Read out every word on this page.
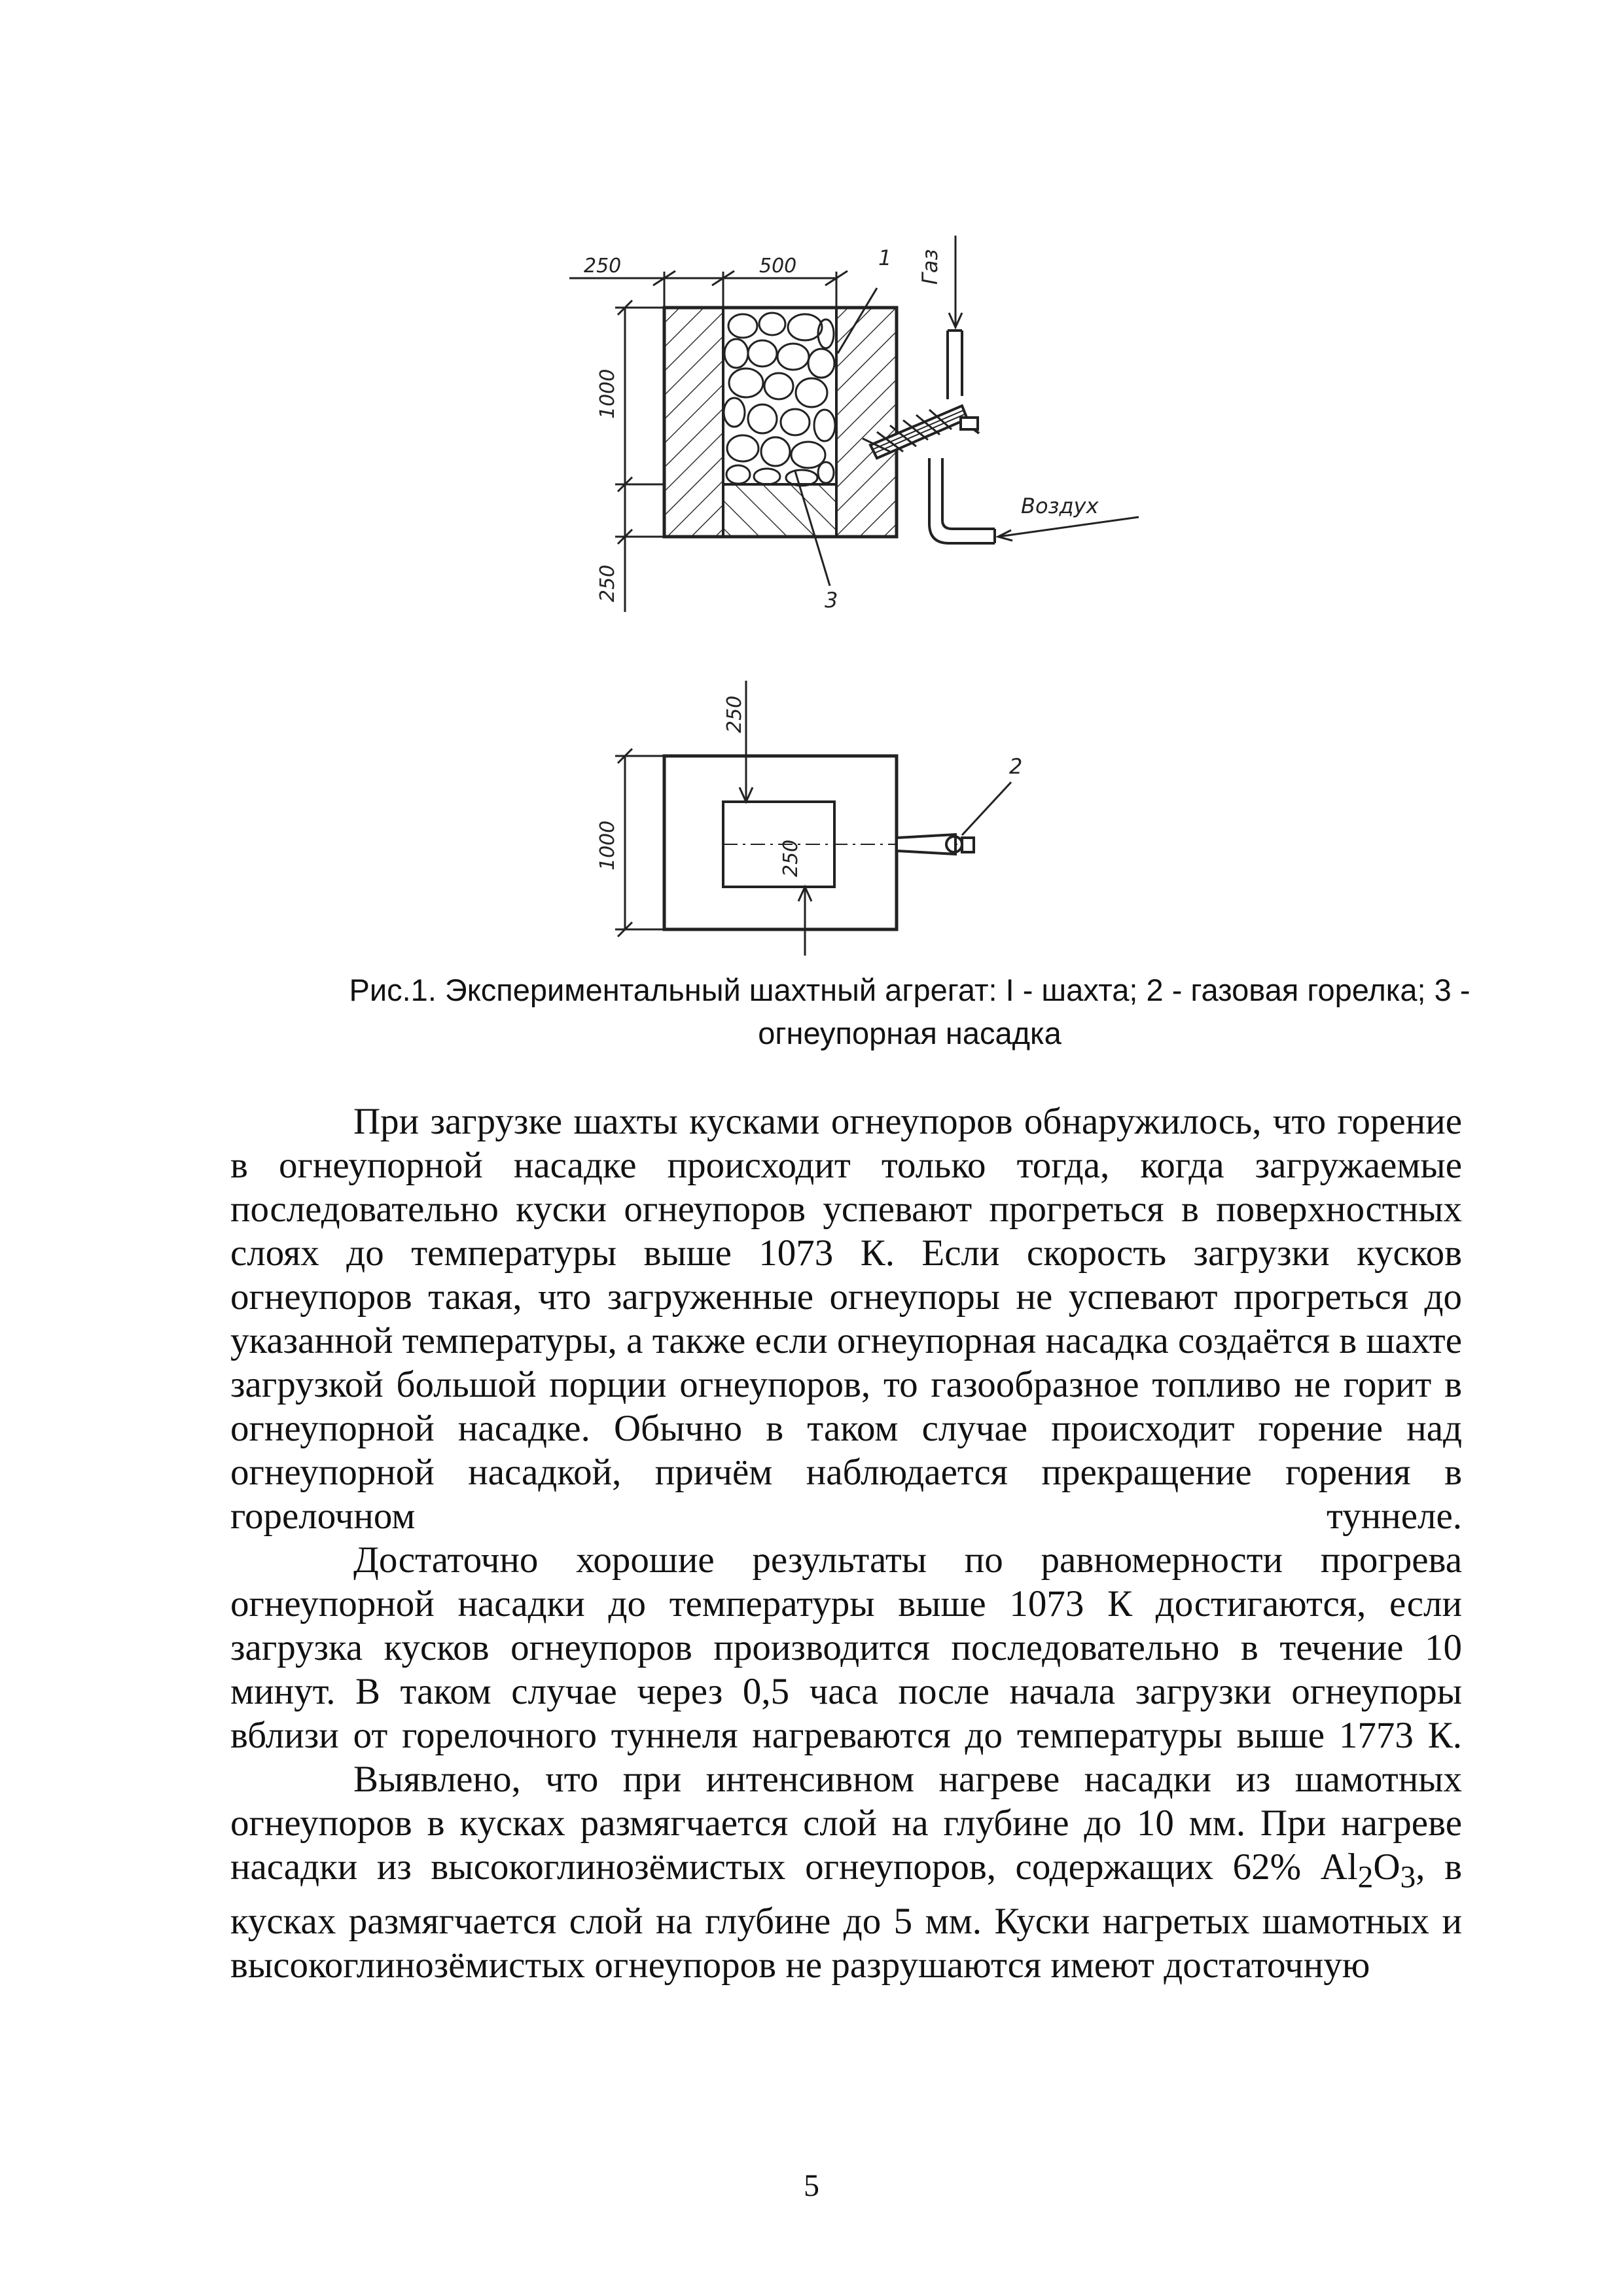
250	500
1000
250
1
3
Газ
Воздух
250
250
1000
2
Рис.1. Экспериментальный шахтный агрегат: I - шахта; 2 - газовая горелка; 3 - огнеупорная насадка

При загрузке шахты кусками огнеупоров обнаружилось, что горение в огнеупорной насадке происходит только тогда, когда загружаемые последовательно куски огнеупоров успевают прогреться в поверхностных слоях до температуры выше 1073 К. Если скорость загрузки кусков огнеупоров такая, что загруженные огнеупоры не успевают прогреться до указанной температуры, а также если огнеупорная насадка создаётся в шахте загрузкой большой порции огнеупоров, то газообразное топливо не горит в огнеупорной насадке. Обычно в таком случае происходит горение над огнеупорной насадкой, причём наблюдается прекращение горения в горелочном туннеле.

Достаточно хорошие результаты по равномерности прогрева огнеупорной насадки до температуры выше 1073 К достигаются, если загрузка кусков огнеупоров производится последовательно в течение 10 минут. В таком случае через 0,5 часа после начала загрузки огнеупоры вблизи от горелочного туннеля нагреваются до температуры выше 1773 К.

Выявлено, что при интенсивном нагреве насадки из шамотных огнеупоров в кусках размягчается слой на глубине до 10 мм. При нагреве насадки из высокоглинозёмистых огнеупоров, содержащих 62% $Al_2O_3$, в кусках размягчается слой на глубине до 5 мм. Куски нагретых шамотных и высокоглинозёмистых огнеупоров не разрушаются имеют достаточную

5
